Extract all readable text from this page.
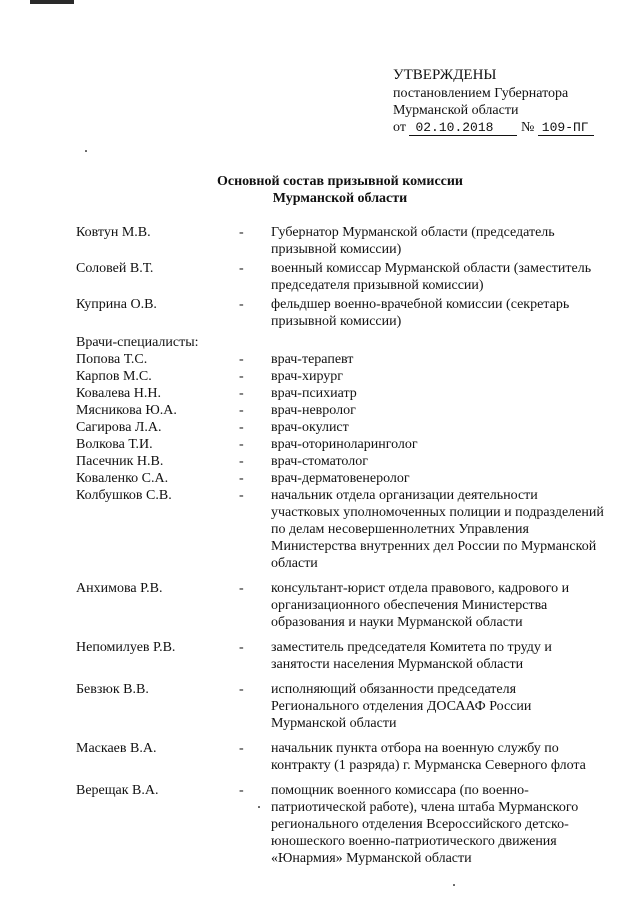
УТВЕРЖДЕНЫ
постановлением Губернатора
Мурманской области
от 02.10.2018 № 109-ПГ
Основной состав призывной комиссии
Мурманской области
Ковтун М.В.	-	Губернатор Мурманской области (председатель призывной комиссии)
Соловей В.Т.	-	военный комиссар Мурманской области (заместитель председателя призывной комиссии)
Куприна О.В.	-	фельдшер военно-врачебной комиссии (секретарь призывной комиссии)
Врачи-специалисты:
Попова Т.С.	-	врач-терапевт
Карпов М.С.	-	врач-хирург
Ковалева Н.Н.	-	врач-психиатр
Мясникова Ю.А.	-	врач-невролог
Сагирова Л.А.	-	врач-окулист
Волкова Т.И.	-	врач-оториноларинголог
Пасечник Н.В.	-	врач-стоматолог
Коваленко С.А.	-	врач-дерматовенеролог
Колбушков С.В.	-	начальник отдела организации деятельности участковых уполномоченных полиции и подразделений по делам несовершеннолетних Управления Министерства внутренних дел России по Мурманской области
Анхимова Р.В.	-	консультант-юрист отдела правового, кадрового и организационного обеспечения Министерства образования и науки Мурманской области
Непомилуев Р.В.	-	заместитель председателя Комитета по труду и занятости населения Мурманской области
Бевзюк В.В.	-	исполняющий обязанности председателя Регионального отделения ДОСААФ России Мурманской области
Маскаев В.А.	-	начальник пункта отбора на военную службу по контракту (1 разряда) г. Мурманска Северного флота
Верещак В.А.	-	помощник военного комиссара (по военно-патриотической работе), члена штаба Мурманского регионального отделения Всероссийского детско-юношеского военно-патриотического движения «Юнармия» Мурманской области
